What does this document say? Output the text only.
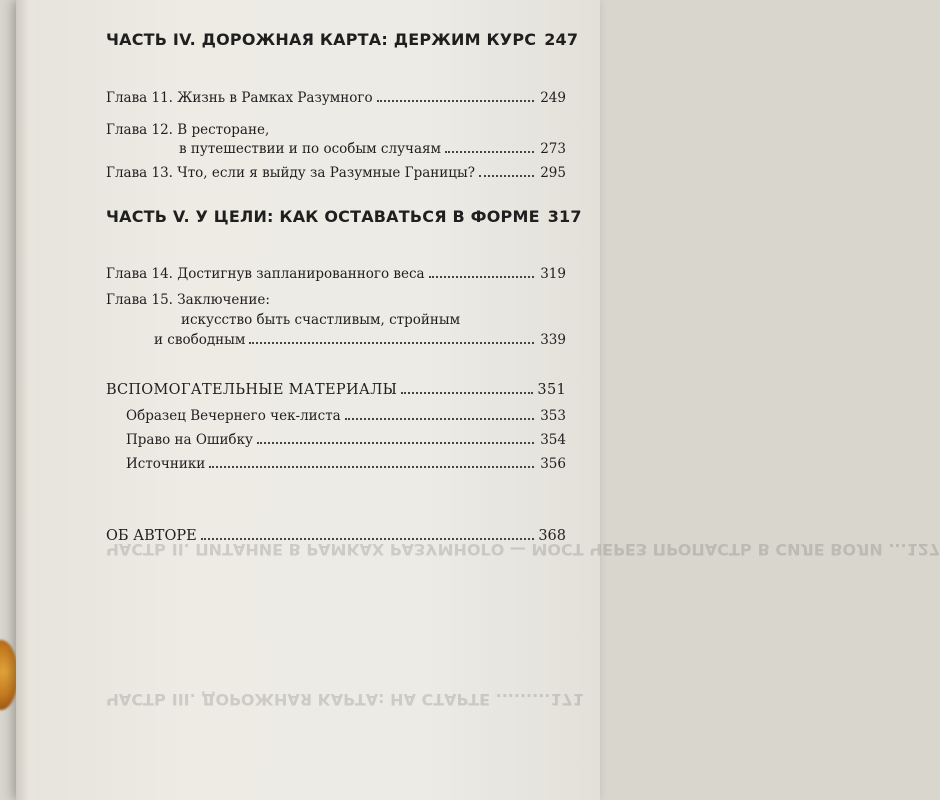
ЧАСТЬ II. ПИТАНИЕ В РАМКАХ РАЗУМНОГО — МОСТ ЧЕРЕЗ ПРОПАСТЬ В СИЛЕ ВОЛИ ...127
ЧАСТЬ III. ДОРОЖНАЯ КАРТА: НА СТАРТЕ .........171
ЧАСТЬ IV. ДОРОЖНАЯ КАРТА: ДЕРЖИМ КУРС 247
Глава 11. Жизнь в Рамках Разумного	249
Глава 12. В ресторане,
в путешествии и по особым случаям	273
Глава 13. Что, если я выйду за Разумные Границы?	295
ЧАСТЬ V. У ЦЕЛИ: КАК ОСТАВАТЬСЯ В ФОРМЕ 317
Глава 14. Достигнув запланированного веса	319
Глава 15. Заключение:
искусство быть счастливым, стройным
и свободным	339
ВСПОМОГАТЕЛЬНЫЕ МАТЕРИАЛЫ	351
Образец Вечернего чек-листа	353
Право на Ошибку	354
Источники	356
ОБ АВТОРЕ	368
